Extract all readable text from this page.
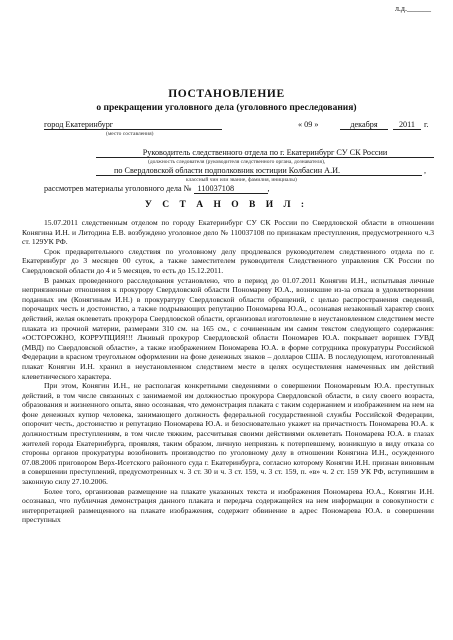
л.д.______
ПОСТАНОВЛЕНИЕ
о прекращении уголовного дела (уголовного преследования)
город Екатеринбург
(место составления)
« 09 »	декабря	2011	г.
Руководитель следственного отдела по г. Екатеринбург СУ СК России
(должность следователя (руководителя следственного органа, дознавателя),
по Свердловской области подполковник юстиции Колбасин А.И.	,
классный чин или звание, фамилия, инициалы)
рассмотрев материалы уголовного дела № 110037108	,
У С Т А Н О В И Л :

15.07.2011 следственным отделом по городу Екатеринбург СУ СК России по Свердловской области в отношении Конягина И.Н. и Литодина Е.В. возбуждено уголовное дело № 110037108 по признакам преступления, предусмотренного ч.3 ст. 129УК РФ.

Срок предварительного следствия по уголовному делу продлевался руководителем следственного отдела по г. Екатеринбург до 3 месяцев 00 суток, а также заместителем руководителя Следственного управления СК России по Свердловской области до 4 и 5 месяцев, то есть до 15.12.2011.

В рамках проведенного расследования установлено, что в период до 01.07.2011 Конягин И.Н., испытывая личные неприязненные отношения к прокурору Свердловской области Пономареву Ю.А., возникшие из-за отказа в удовлетворении поданных им (Конягиным И.Н.) в прокуратуру Свердловской области обращений, с целью распространения сведений, порочащих честь и достоинство, а также подрывающих репутацию Пономарева Ю.А., осознавая незаконный характер своих действий, желая оклеветать прокурора Свердловской области, организовал изготовление в неустановленном следствием месте плаката из прочной материи, размерами 310 см. на 165 см., с сочиненным им самим текстом следующего содержания: «ОСТОРОЖНО, КОРРУПЦИЯ!!! Лживый прокурор Свердловской области Пономарев Ю.А. покрывает воришек ГУВД (МВД) по Свердловской области», а также изображением Пономарева Ю.А. в форме сотрудника прокуратуры Российской Федерации в красном треугольном оформлении на фоне денежных знаков – долларов США. В последующем, изготовленный плакат Конягин И.Н. хранил в неустановленном следствием месте в целях осуществления намеченных им действий клеветнического характера.

При этом, Конягин И.Н., не располагая конкретными сведениями о совершении Пономаревым Ю.А. преступных действий, в том числе связанных с занимаемой им должностью прокурора Свердловской области, в силу своего возраста, образования и жизненного опыта, явно осознавая, что демонстрация плаката с таким содержанием и изображением на нем на фоне денежных купюр человека, занимающего должность федеральной государственной службы Российской Федерации, опорочит честь, достоинство и репутацию Пономарева Ю.А. и безосновательно укажет на причастность Пономарева Ю.А. к должностным преступлениям, в том числе тяжким, рассчитывая своими действиями оклеветать Пономарева Ю.А. в глазах жителей города Екатеринбурга, проявляя, таким образом, личную неприязнь к потерпевшему, возникшую в виду отказа со стороны органов прокуратуры возобновить производство по уголовному делу в отношении Конягина И.Н., осужденного 07.08.2006 приговором Верх-Исетского районного суда г. Екатеринбурга, согласно которому Конягин И.Н. признан виновным в совершении преступлений, предусмотренных ч. 3 ст. 30 и ч. 3 ст. 159, ч. 3 ст. 159, п. «в» ч. 2 ст. 159 УК РФ, вступившим в законную силу 27.10.2006.

Более того, организовав размещение на плакате указанных текста и изображения Пономарева Ю.А., Конягин И.Н. осознавал, что публичная демонстрация данного плаката и передача содержащейся на нем информации в совокупности с интерпретацией размещенного на плакате изображения, содержит обвинение в адрес Пономарева Ю.А. в совершении преступных
